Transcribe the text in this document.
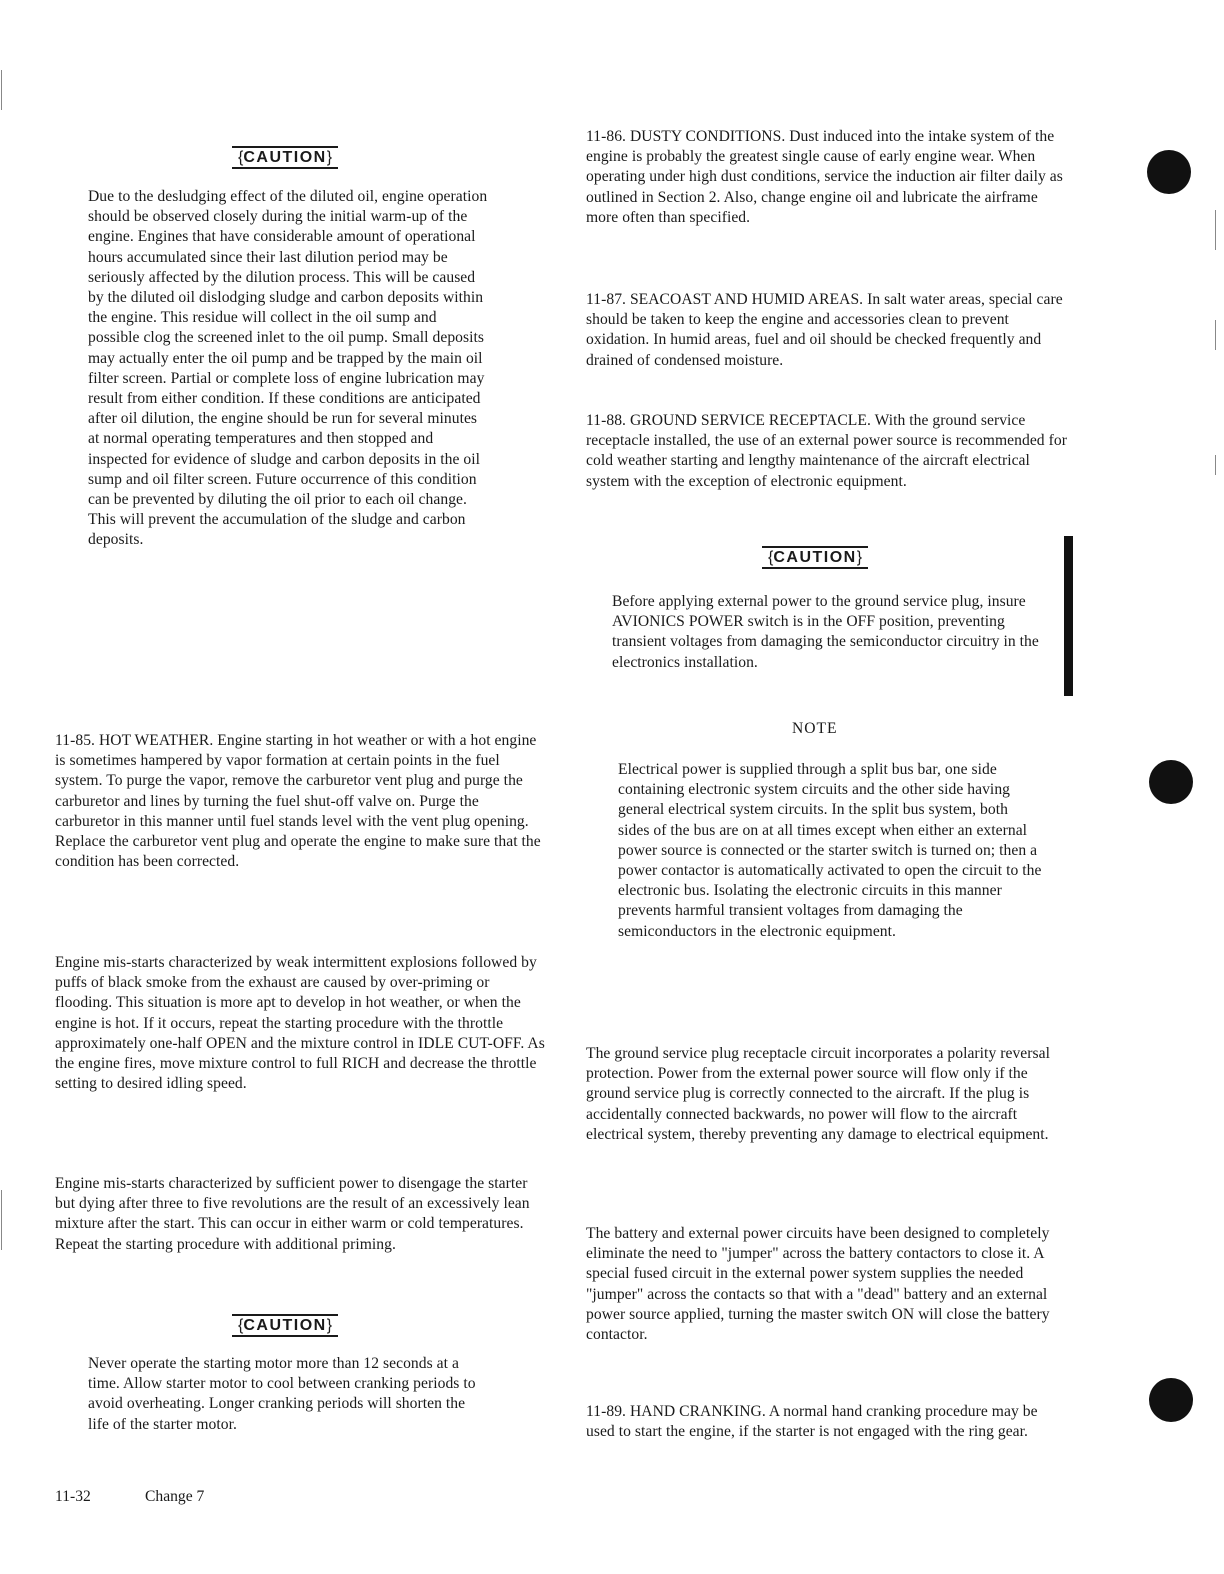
{CAUTION}

Due to the desludging effect of the diluted oil, engine operation should be observed closely during the initial warm-up of the engine. Engines that have considerable amount of operational hours accumulated since their last dilution period may be seriously affected by the dilution process. This will be caused by the diluted oil dislodging sludge and carbon deposits within the engine. This residue will collect in the oil sump and possible clog the screened inlet to the oil pump. Small deposits may actually enter the oil pump and be trapped by the main oil filter screen. Partial or complete loss of engine lubrication may result from either condition. If these conditions are anticipated after oil dilution, the engine should be run for several minutes at normal operating temperatures and then stopped and inspected for evidence of sludge and carbon deposits in the oil sump and oil filter screen. Future occurrence of this condition can be prevented by diluting the oil prior to each oil change. This will prevent the accumulation of the sludge and carbon deposits.

11-85. HOT WEATHER. Engine starting in hot weather or with a hot engine is sometimes hampered by vapor formation at certain points in the fuel system. To purge the vapor, remove the carburetor vent plug and purge the carburetor and lines by turning the fuel shut-off valve on. Purge the carburetor in this manner until fuel stands level with the vent plug opening. Replace the carburetor vent plug and operate the engine to make sure that the condition has been corrected.

Engine mis-starts characterized by weak intermittent explosions followed by puffs of black smoke from the exhaust are caused by over-priming or flooding. This situation is more apt to develop in hot weather, or when the engine is hot. If it occurs, repeat the starting procedure with the throttle approximately one-half OPEN and the mixture control in IDLE CUT-OFF. As the engine fires, move mixture control to full RICH and decrease the throttle setting to desired idling speed.

Engine mis-starts characterized by sufficient power to disengage the starter but dying after three to five revolutions are the result of an excessively lean mixture after the start. This can occur in either warm or cold temperatures. Repeat the starting procedure with additional priming.

{CAUTION}

Never operate the starting motor more than 12 seconds at a time. Allow starter motor to cool between cranking periods to avoid overheating. Longer cranking periods will shorten the life of the starter motor.

11-86. DUSTY CONDITIONS. Dust induced into the intake system of the engine is probably the greatest single cause of early engine wear. When operating under high dust conditions, service the induction air filter daily as outlined in Section 2. Also, change engine oil and lubricate the airframe more often than specified.

11-87. SEACOAST AND HUMID AREAS. In salt water areas, special care should be taken to keep the engine and accessories clean to prevent oxidation. In humid areas, fuel and oil should be checked frequently and drained of condensed moisture.

11-88. GROUND SERVICE RECEPTACLE. With the ground service receptacle installed, the use of an external power source is recommended for cold weather starting and lengthy maintenance of the aircraft electrical system with the exception of electronic equipment.

{CAUTION}

Before applying external power to the ground service plug, insure AVIONICS POWER switch is in the OFF position, preventing transient voltages from damaging the semiconductor circuitry in the electronics installation.

NOTE

Electrical power is supplied through a split bus bar, one side containing electronic system circuits and the other side having general electrical system circuits. In the split bus system, both sides of the bus are on at all times except when either an external power source is connected or the starter switch is turned on; then a power contactor is automatically activated to open the circuit to the electronic bus. Isolating the electronic circuits in this manner prevents harmful transient voltages from damaging the semiconductors in the electronic equipment.

The ground service plug receptacle circuit incorporates a polarity reversal protection. Power from the external power source will flow only if the ground service plug is correctly connected to the aircraft. If the plug is accidentally connected backwards, no power will flow to the aircraft electrical system, thereby preventing any damage to electrical equipment.

The battery and external power circuits have been designed to completely eliminate the need to "jumper" across the battery contactors to close it. A special fused circuit in the external power system supplies the needed "jumper" across the contacts so that with a "dead" battery and an external power source applied, turning the master switch ON will close the battery contactor.

11-89. HAND CRANKING. A normal hand cranking procedure may be used to start the engine, if the starter is not engaged with the ring gear.

11-32	Change 7
